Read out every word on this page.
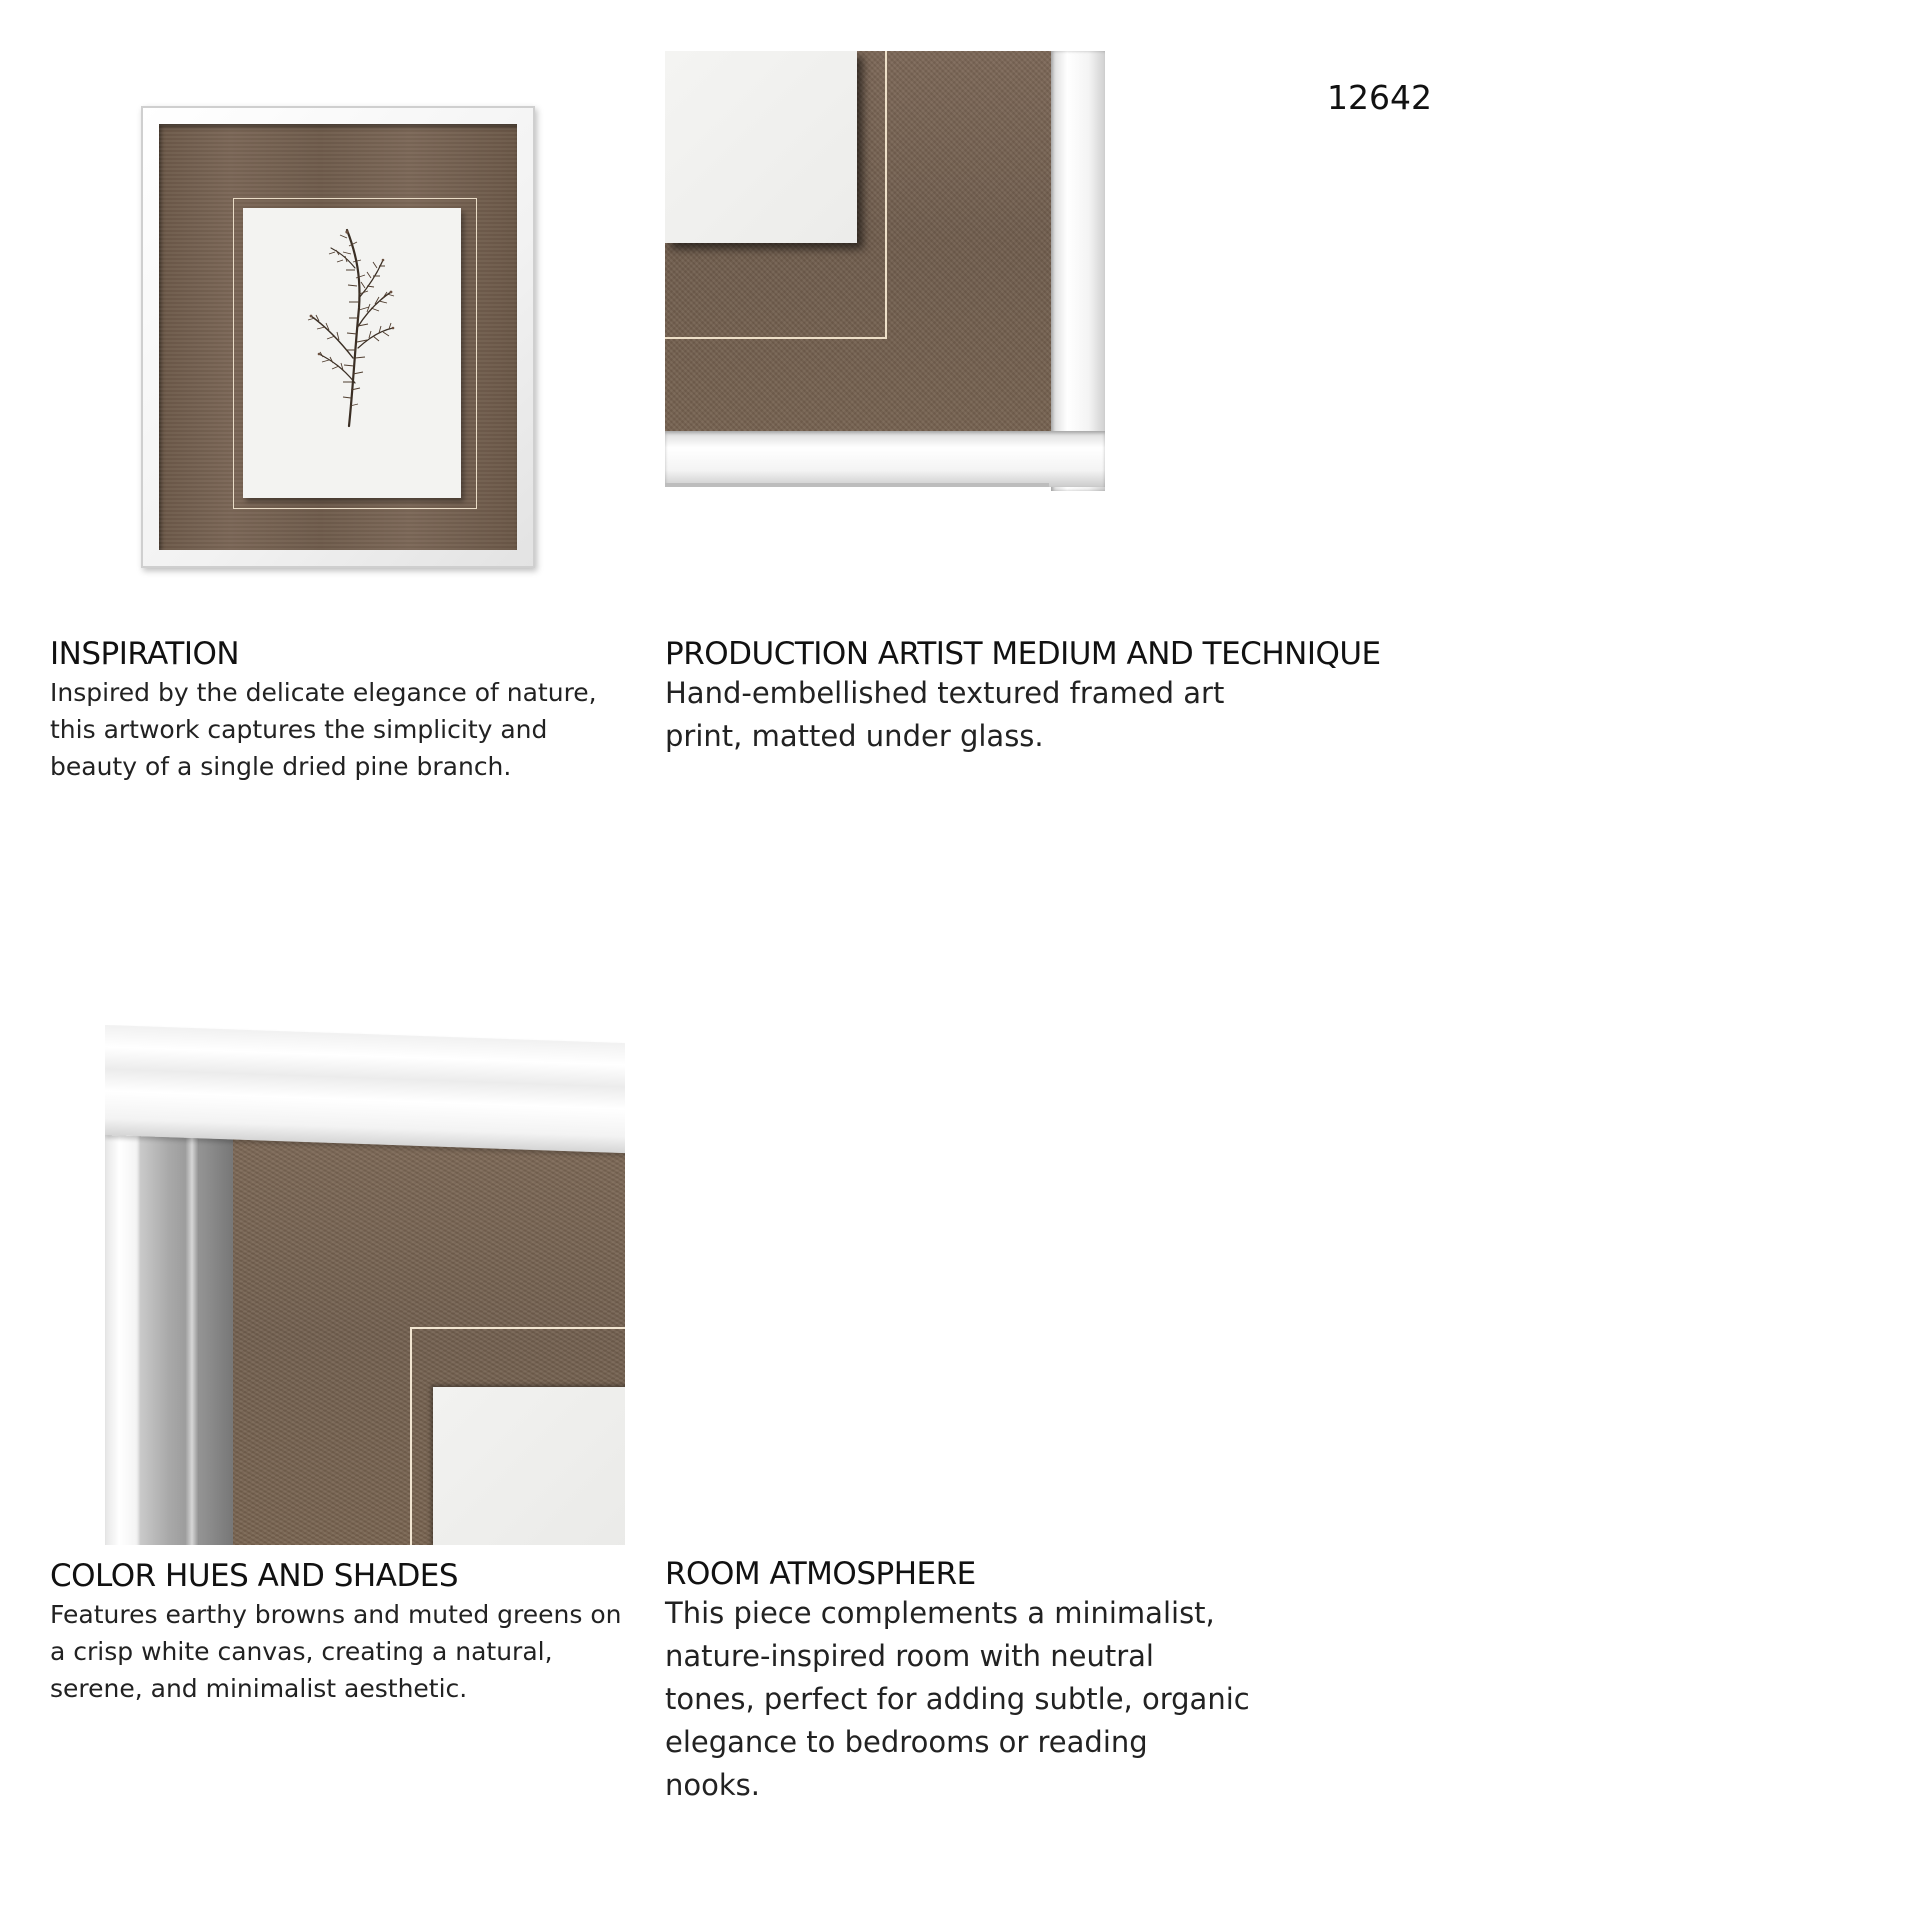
12642
INSPIRATION

Inspired by the delicate elegance of nature,
this artwork captures the simplicity and
beauty of a single dried pine branch.

PRODUCTION ARTIST MEDIUM AND TECHNIQUE

Hand-embellished textured framed art
print, matted under glass.

COLOR HUES AND SHADES

Features earthy browns and muted greens on
a crisp white canvas, creating a natural,
serene, and minimalist aesthetic.

ROOM ATMOSPHERE

This piece complements a minimalist,
nature-inspired room with neutral
tones, perfect for adding subtle, organic
elegance to bedrooms or reading
nooks.
